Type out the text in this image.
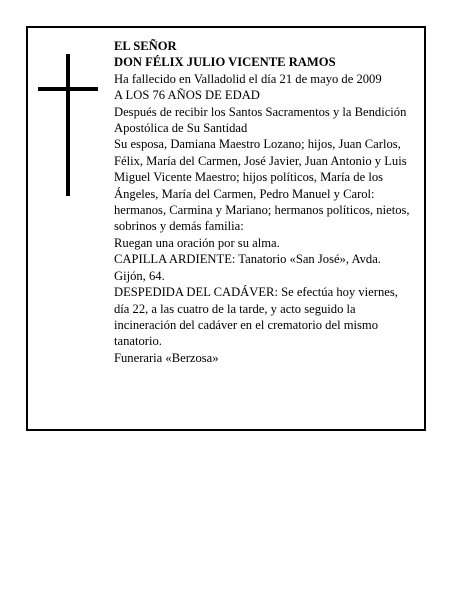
EL SEÑOR

DON FÉLIX JULIO VICENTE RAMOS

Ha fallecido en Valladolid el día 21 de mayo de 2009

A LOS 76 AÑOS DE EDAD

Después de recibir los Santos Sacramentos y la Bendición Apostólica de Su Santidad

Su esposa, Damiana Maestro Lozano; hijos, Juan Carlos, Félix, María del Carmen, José Javier, Juan Antonio y Luis Miguel Vicente Maestro; hijos políticos, María de los Ángeles, María del Carmen, Pedro Manuel y Carol: hermanos, Carmina y Mariano; hermanos políticos, nietos, sobrinos y demás familia:

Ruegan una oración por su alma.

CAPILLA ARDIENTE: Tanatorio «San José», Avda. Gijón, 64.

DESPEDIDA DEL CADÁVER: Se efectúa hoy viernes, día 22, a las cuatro de la tarde, y acto seguido la incineración del cadáver en el crematorio del mismo tanatorio.

Funeraria «Berzosa»
